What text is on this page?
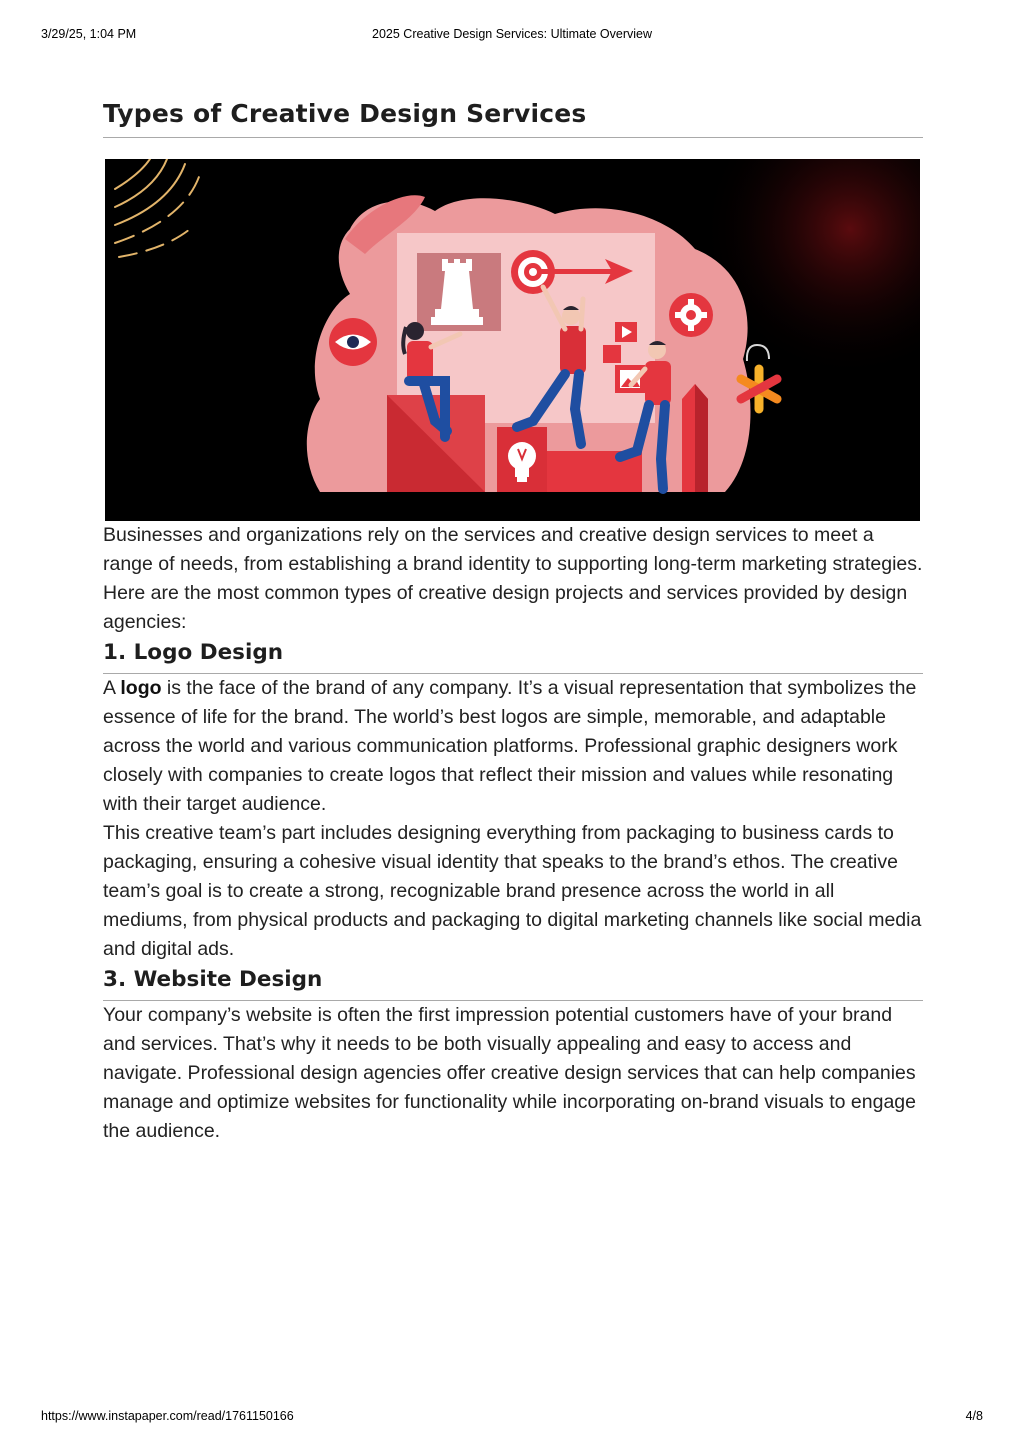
3/29/25, 1:04 PM	2025 Creative Design Services: Ultimate Overview
Types of Creative Design Services

Businesses and organizations rely on the services and creative design services to meet a range of needs, from establishing a brand identity to supporting long-term marketing strategies. Here are the most common types of creative design projects and services provided by design agencies:

1. Logo Design

A logo is the face of the brand of any company. It’s a visual representation that symbolizes the essence of life for the brand. The world’s best logos are simple, memorable, and adaptable across the world and various communication platforms. Professional graphic designers work closely with companies to create logos that reflect their mission and values while resonating with their target audience.

This creative team’s part includes designing everything from packaging to business cards to packaging, ensuring a cohesive visual identity that speaks to the brand’s ethos. The creative team’s goal is to create a strong, recognizable brand presence across the world in all mediums, from physical products and packaging to digital marketing channels like social media and digital ads.

3. Website Design

Your company’s website is often the first impression potential customers have of your brand and services. That’s why it needs to be both visually appealing and easy to access and navigate. Professional design agencies offer creative design services that can help companies manage and optimize websites for functionality while incorporating on-brand visuals to engage the audience.

https://www.instapaper.com/read/1761150166	4/8
